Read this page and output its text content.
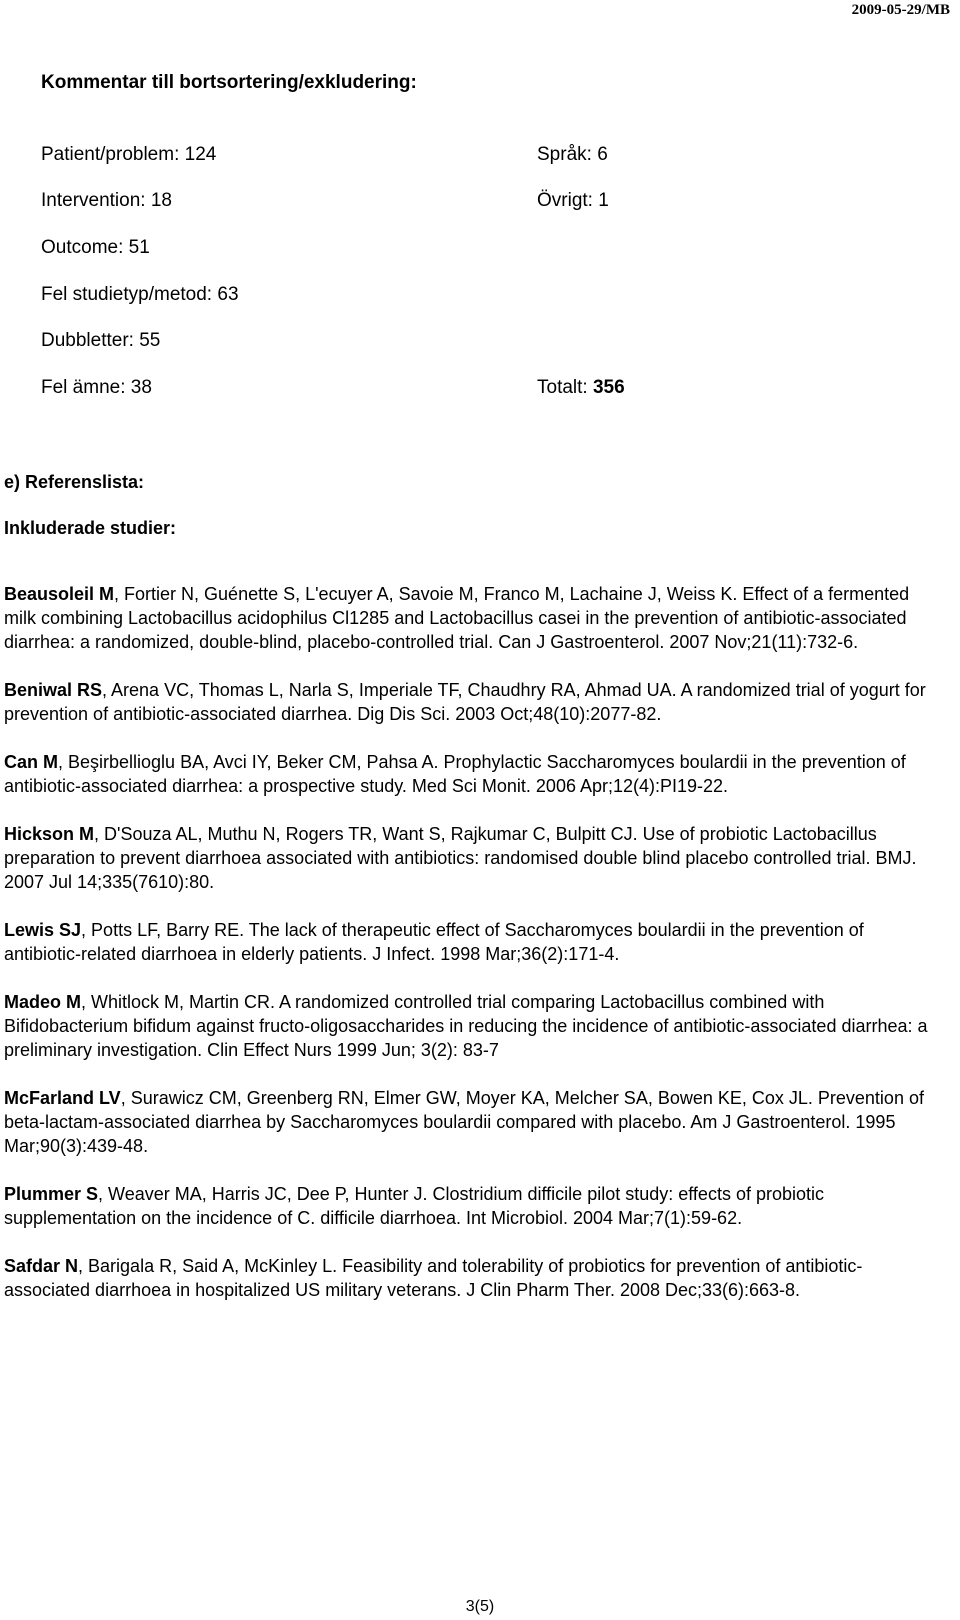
2009-05-29/MB
Kommentar till bortsortering/exkludering:
Patient/problem: 124
Intervention: 18
Outcome: 51
Fel studietyp/metod: 63
Dubbletter: 55
Fel ämne: 38
Språk: 6
Övrigt: 1
Totalt: 356
e) Referenslista:
Inkluderade studier:

Beausoleil M, Fortier N, Guénette S, L'ecuyer A, Savoie M, Franco M, Lachaine J, Weiss K. Effect of a fermented milk combining Lactobacillus acidophilus Cl1285 and Lactobacillus casei in the prevention of antibiotic-associated diarrhea: a randomized, double-blind, placebo-controlled trial. Can J Gastroenterol. 2007 Nov;21(11):732-6.

Beniwal RS, Arena VC, Thomas L, Narla S, Imperiale TF, Chaudhry RA, Ahmad UA. A randomized trial of yogurt for prevention of antibiotic-associated diarrhea. Dig Dis Sci. 2003 Oct;48(10):2077-82.

Can M, Beşirbellioglu BA, Avci IY, Beker CM, Pahsa A. Prophylactic Saccharomyces boulardii in the prevention of antibiotic-associated diarrhea: a prospective study. Med Sci Monit. 2006 Apr;12(4):PI19-22.

Hickson M, D'Souza AL, Muthu N, Rogers TR, Want S, Rajkumar C, Bulpitt CJ. Use of probiotic Lactobacillus preparation to prevent diarrhoea associated with antibiotics: randomised double blind placebo controlled trial. BMJ. 2007 Jul 14;335(7610):80.

Lewis SJ, Potts LF, Barry RE. The lack of therapeutic effect of Saccharomyces boulardii in the prevention of antibiotic-related diarrhoea in elderly patients. J Infect. 1998 Mar;36(2):171-4.

Madeo M, Whitlock M, Martin CR. A randomized controlled trial comparing Lactobacillus combined with Bifidobacterium bifidum against fructo-oligosaccharides in reducing the incidence of antibiotic-associated diarrhea: a preliminary investigation. Clin Effect Nurs 1999 Jun; 3(2): 83-7

McFarland LV, Surawicz CM, Greenberg RN, Elmer GW, Moyer KA, Melcher SA, Bowen KE, Cox JL. Prevention of beta-lactam-associated diarrhea by Saccharomyces boulardii compared with placebo. Am J Gastroenterol. 1995 Mar;90(3):439-48.

Plummer S, Weaver MA, Harris JC, Dee P, Hunter J. Clostridium difficile pilot study: effects of probiotic supplementation on the incidence of C. difficile diarrhoea. Int Microbiol. 2004 Mar;7(1):59-62.

Safdar N, Barigala R, Said A, McKinley L. Feasibility and tolerability of probiotics for prevention of antibiotic-associated diarrhoea in hospitalized US military veterans. J Clin Pharm Ther. 2008 Dec;33(6):663-8.

3(5)
